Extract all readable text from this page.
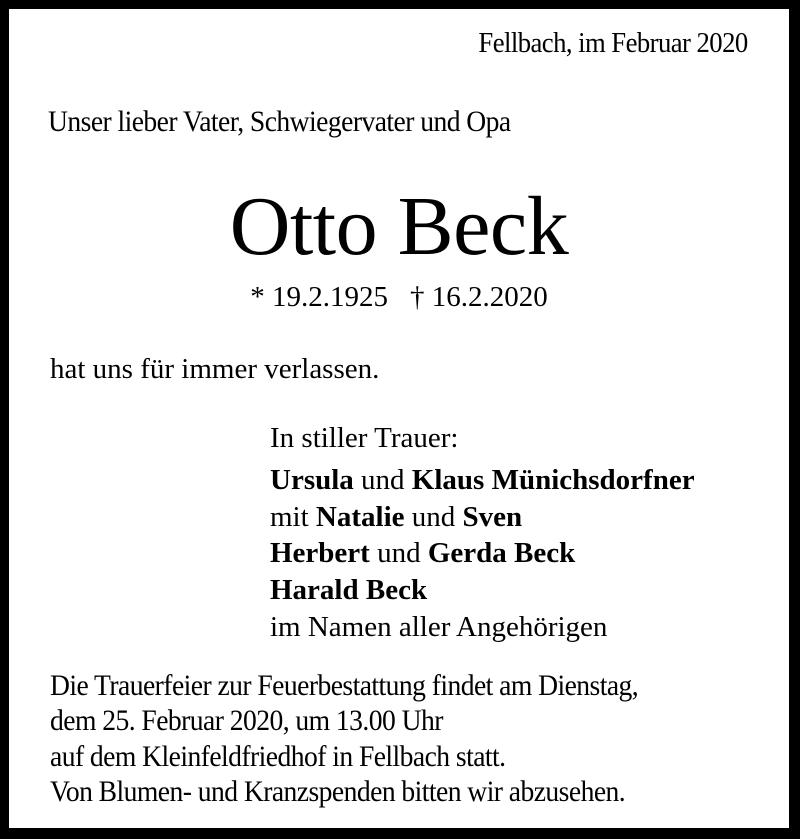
Fellbach, im Februar 2020
Unser lieber Vater, Schwiegervater und Opa
Otto Beck
* 19.2.1925 † 16.2.2020
hat uns für immer verlassen.
In stiller Trauer:
Ursula und Klaus Münichsdorfner
mit Natalie und Sven
Herbert und Gerda Beck
Harald Beck
im Namen aller Angehörigen
Die Trauerfeier zur Feuerbestattung findet am Dienstag,
dem 25. Februar 2020, um 13.00 Uhr
auf dem Kleinfeldfriedhof in Fellbach statt.
Von Blumen- und Kranzspenden bitten wir abzusehen.
